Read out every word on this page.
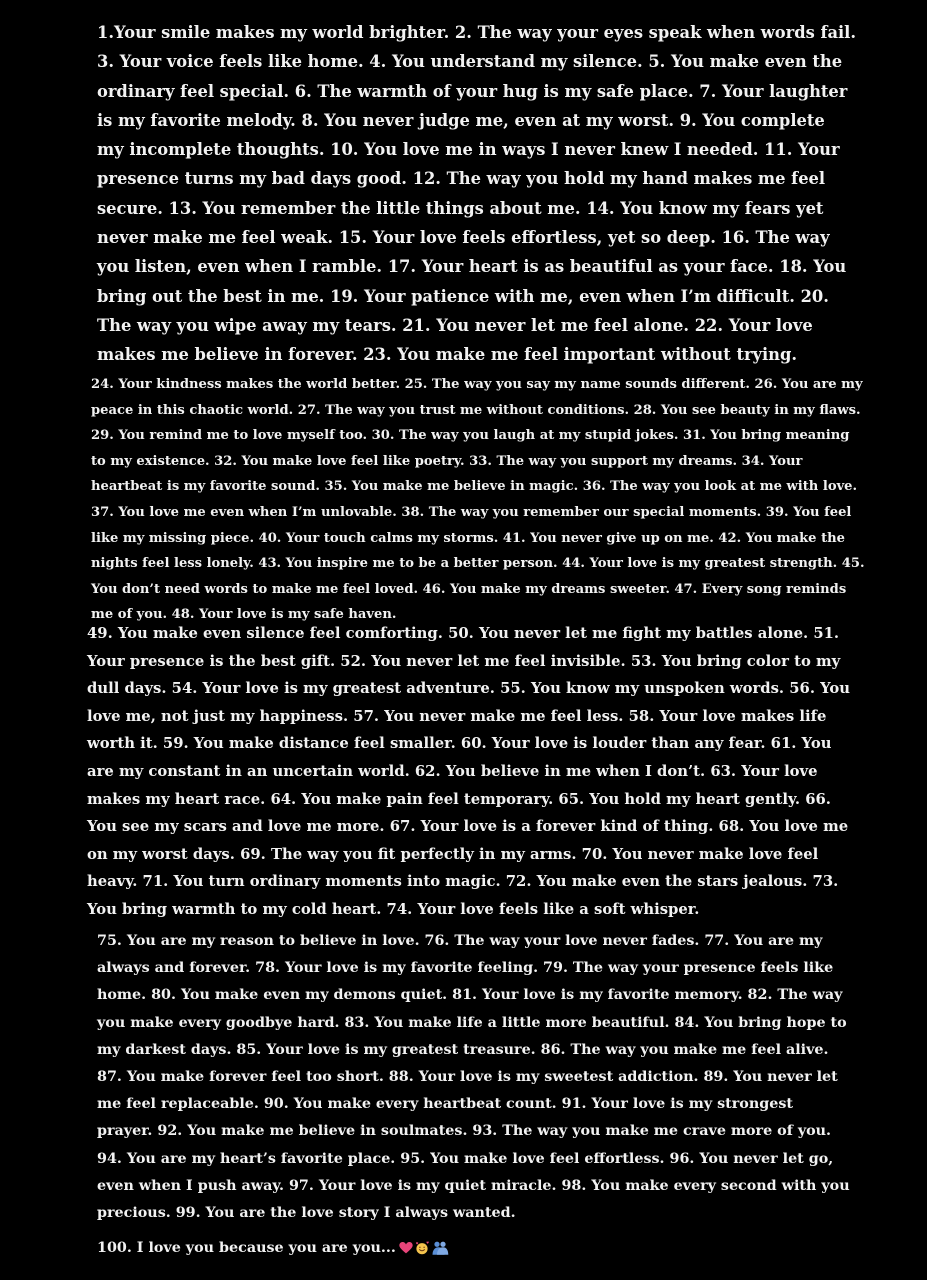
1.Your smile makes my world brighter. 2. The way your eyes speak when words fail. 3. Your voice feels like home. 4. You understand my silence. 5. You make even the ordinary feel special. 6. The warmth of your hug is my safe place. 7. Your laughter is my favorite melody. 8. You never judge me, even at my worst. 9. You complete my incomplete thoughts. 10. You love me in ways I never knew I needed. 11. Your presence turns my bad days good. 12. The way you hold my hand makes me feel secure. 13. You remember the little things about me. 14. You know my fears yet never make me feel weak. 15. Your love feels effortless, yet so deep. 16. The way you listen, even when I ramble. 17. Your heart is as beautiful as your face. 18. You bring out the best in me. 19. Your patience with me, even when I’m difficult. 20. The way you wipe away my tears. 21. You never let me feel alone. 22. Your love makes me believe in forever. 23. You make me feel important without trying.

24. Your kindness makes the world better. 25. The way you say my name sounds different. 26. You are my peace in this chaotic world. 27. The way you trust me without conditions. 28. You see beauty in my flaws. 29. You remind me to love myself too. 30. The way you laugh at my stupid jokes. 31. You bring meaning to my existence. 32. You make love feel like poetry. 33. The way you support my dreams. 34. Your heartbeat is my favorite sound. 35. You make me believe in magic. 36. The way you look at me with love. 37. You love me even when I’m unlovable. 38. The way you remember our special moments. 39. You feel like my missing piece. 40. Your touch calms my storms. 41. You never give up on me. 42. You make the nights feel less lonely. 43. You inspire me to be a better person. 44. Your love is my greatest strength. 45. You don’t need words to make me feel loved. 46. You make my dreams sweeter. 47. Every song reminds me of you. 48. Your love is my safe haven.

49. You make even silence feel comforting. 50. You never let me fight my battles alone. 51. Your presence is the best gift. 52. You never let me feel invisible. 53. You bring color to my dull days. 54. Your love is my greatest adventure. 55. You know my unspoken words. 56. You love me, not just my happiness. 57. You never make me feel less. 58. Your love makes life worth it. 59. You make distance feel smaller. 60. Your love is louder than any fear. 61. You are my constant in an uncertain world. 62. You believe in me when I don’t. 63. Your love makes my heart race. 64. You make pain feel temporary. 65. You hold my heart gently. 66. You see my scars and love me more. 67. Your love is a forever kind of thing. 68. You love me on my worst days. 69. The way you fit perfectly in my arms. 70. You never make love feel heavy. 71. You turn ordinary moments into magic. 72. You make even the stars jealous. 73. You bring warmth to my cold heart. 74. Your love feels like a soft whisper.

75. You are my reason to believe in love. 76. The way your love never fades. 77. You are my always and forever. 78. Your love is my favorite feeling. 79. The way your presence feels like home. 80. You make even my demons quiet. 81. Your love is my favorite memory. 82. The way you make every goodbye hard. 83. You make life a little more beautiful. 84. You bring hope to my darkest days. 85. Your love is my greatest treasure. 86. The way you make me feel alive. 87. You make forever feel too short. 88. Your love is my sweetest addiction. 89. You never let me feel replaceable. 90. You make every heartbeat count. 91. Your love is my strongest prayer. 92. You make me believe in soulmates. 93. The way you make me crave more of you. 94. You are my heart’s favorite place. 95. You make love feel effortless. 96. You never let go, even when I push away. 97. Your love is my quiet miracle. 98. You make every second with you precious. 99. You are the love story I always wanted.

100. I love you because you are you...
